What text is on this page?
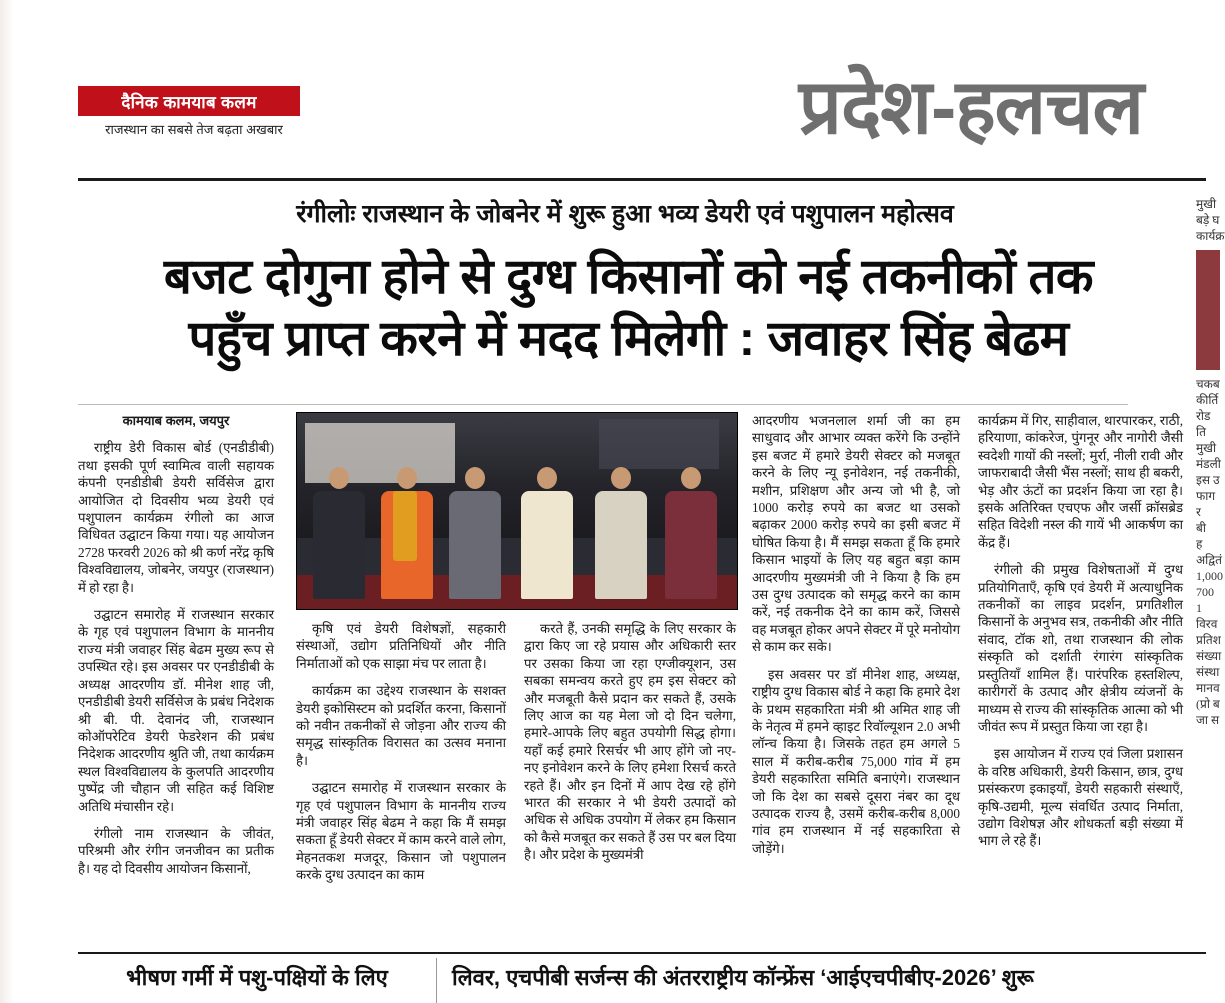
दैनिक कामयाब कलम
राजस्थान का सबसे तेज बढ़ता अखबार	प्रदेश-हलचल
रंगीलोः राजस्थान के जोबनेर में शुरू हुआ भव्य डेयरी एवं पशुपालन महोत्सव
बजट दोगुना होने से दुग्ध किसानों को नई तकनीकों तक
पहुँच प्राप्त करने में मदद मिलेगी : जवाहर सिंह बेढम

कामयाब कलम, जयपुर

राष्ट्रीय डेरी विकास बोर्ड (एनडीडीबी) तथा इसकी पूर्ण स्वामित्व वाली सहायक कंपनी एनडीडीबी डेयरी सर्विसेज द्वारा आयोजित दो दिवसीय भव्य डेयरी एवं पशुपालन कार्यक्रम रंगीलो का आज विधिवत उद्घाटन किया गया। यह आयोजन 2728 फरवरी 2026 को श्री कर्ण नरेंद्र कृषि विश्वविद्यालय, जोबनेर, जयपुर (राजस्थान) में हो रहा है।

उद्घाटन समारोह में राजस्थान सरकार के गृह एवं पशुपालन विभाग के माननीय राज्य मंत्री जवाहर सिंह बेढम मुख्य रूप से उपस्थित रहे। इस अवसर पर एनडीडीबी के अध्यक्ष आदरणीय डॉ. मीनेश शाह जी, एनडीडीबी डेयरी सर्विसेज के प्रबंध निदेशक श्री बी. पी. देवानंद जी, राजस्थान कोऑपरेटिव डेयरी फेडरेशन की प्रबंध निदेशक आदरणीय श्रुति जी, तथा कार्यक्रम स्थल विश्वविद्यालय के कुलपति आदरणीय पुष्पेंद्र जी चौहान जी सहित कई विशिष्ट अतिथि मंचासीन रहे।

रंगीलो नाम राजस्थान के जीवंत, परिश्रमी और रंगीन जनजीवन का प्रतीक है। यह दो दिवसीय आयोजन किसानों,

कृषि एवं डेयरी विशेषज्ञों, सहकारी संस्थाओं, उद्योग प्रतिनिधियों और नीति निर्माताओं को एक साझा मंच पर लाता है।

कार्यक्रम का उद्देश्य राजस्थान के सशक्त डेयरी इकोसिस्टम को प्रदर्शित करना, किसानों को नवीन तकनीकों से जोड़ना और राज्य की समृद्ध सांस्कृतिक विरासत का उत्सव मनाना है।

उद्घाटन समारोह में राजस्थान सरकार के गृह एवं पशुपालन विभाग के माननीय राज्य मंत्री जवाहर सिंह बेढम ने कहा कि मैं समझ सकता हूँ डेयरी सेक्टर में काम करने वाले लोग, मेहनतकश मजदूर, किसान जो पशुपालन करके दुग्ध उत्पादन का काम

करते हैं, उनकी समृद्धि के लिए सरकार के द्वारा किए जा रहे प्रयास और अधिकारी स्तर पर उसका किया जा रहा एग्जीक्यूशन, उस सबका समन्वय करते हुए हम इस सेक्टर को और मजबूती कैसे प्रदान कर सकते हैं, उसके लिए आज का यह मेला जो दो दिन चलेगा, हमारे-आपके लिए बहुत उपयोगी सिद्ध होगा। यहाँ कई हमारे रिसर्चर भी आए होंगे जो नए-नए इनोवेशन करने के लिए हमेशा रिसर्च करते रहते हैं। और इन दिनों में आप देख रहे होंगे भारत की सरकार ने भी डेयरी उत्पादों को अधिक से अधिक उपयोग में लेकर हम किसान को कैसे मजबूत कर सकते हैं उस पर बल दिया है। और प्रदेश के मुख्यमंत्री

आदरणीय भजनलाल शर्मा जी का हम साधुवाद और आभार व्यक्त करेंगे कि उन्होंने इस बजट में हमारे डेयरी सेक्टर को मजबूत करने के लिए न्यू इनोवेशन, नई तकनीकी, मशीन, प्रशिक्षण और अन्य जो भी है, जो 1000 करोड़ रुपये का बजट था उसको बढ़ाकर 2000 करोड़ रुपये का इसी बजट में घोषित किया है। मैं समझ सकता हूँ कि हमारे किसान भाइयों के लिए यह बहुत बड़ा काम आदरणीय मुख्यमंत्री जी ने किया है कि हम उस दुग्ध उत्पादक को समृद्ध करने का काम करें, नई तकनीक देने का काम करें, जिससे वह मजबूत होकर अपने सेक्टर में पूरे मनोयोग से काम कर सके।

इस अवसर पर डॉ मीनेश शाह, अध्यक्ष, राष्ट्रीय दुग्ध विकास बोर्ड ने कहा कि हमारे देश के प्रथम सहकारिता मंत्री श्री अमित शाह जी के नेतृत्व में हमने व्हाइट रिवॉल्यूशन 2.0 अभी लॉन्च किया है। जिसके तहत हम अगले 5 साल में करीब-करीब 75,000 गांव में हम डेयरी सहकारिता समिति बनाएंगे। राजस्थान जो कि देश का सबसे दूसरा नंबर का दूध उत्पादक राज्य है, उसमें करीब-करीब 8,000 गांव हम राजस्थान में नई सहकारिता से जोड़ेंगे।

कार्यक्रम में गिर, साहीवाल, थारपारकर, राठी, हरियाणा, कांकरेज, पुंगनूर और नागोरी जैसी स्वदेशी गायों की नस्लों; मुर्रा, नीली रावी और जाफराबादी जैसी भैंस नस्लों; साथ ही बकरी, भेड़ और ऊंटों का प्रदर्शन किया जा रहा है। इसके अतिरिक्त एचएफ और जर्सी क्रॉसब्रेड सहित विदेशी नस्ल की गायें भी आकर्षण का केंद्र हैं।

रंगीलो की प्रमुख विशेषताओं में दुग्ध प्रतियोगिताएँ, कृषि एवं डेयरी में अत्याधुनिक तकनीकों का लाइव प्रदर्शन, प्रगतिशील किसानों के अनुभव सत्र, तकनीकी और नीति संवाद, टॉक शो, तथा राजस्थान की लोक संस्कृति को दर्शाती रंगारंग सांस्कृतिक प्रस्तुतियाँ शामिल हैं। पारंपरिक हस्तशिल्प, कारीगरों के उत्पाद और क्षेत्रीय व्यंजनों के माध्यम से राज्य की सांस्कृतिक आत्मा को भी जीवंत रूप में प्रस्तुत किया जा रहा है।

इस आयोजन में राज्य एवं जिला प्रशासन के वरिष्ठ अधिकारी, डेयरी किसान, छात्र, दुग्ध प्रसंस्करण इकाइयाँ, डेयरी सहकारी संस्थाएँ, कृषि-उद्यमी, मूल्य संवर्धित उत्पाद निर्माता, उद्योग विशेषज्ञ और शोधकर्ता बड़ी संख्या में भाग ले रहे हैं।

मुखी
बड़े घ
कार्यक्र
चकब
कीर्ति
रोड ति
मुखी
मंडली
इस उ
फाग र
बी
ह
अद्वितं
1,000
700 1
विरव
प्रतिश
संख्या
संस्था
मानव
(प्रो ब
जा स
भीषण गर्मी में पशु-पक्षियों के लिए	लिवर, एचपीबी सर्जन्स की अंतरराष्ट्रीय कॉन्फ्रेंस ‘आईएचपीबीए-2026’ शुरू
